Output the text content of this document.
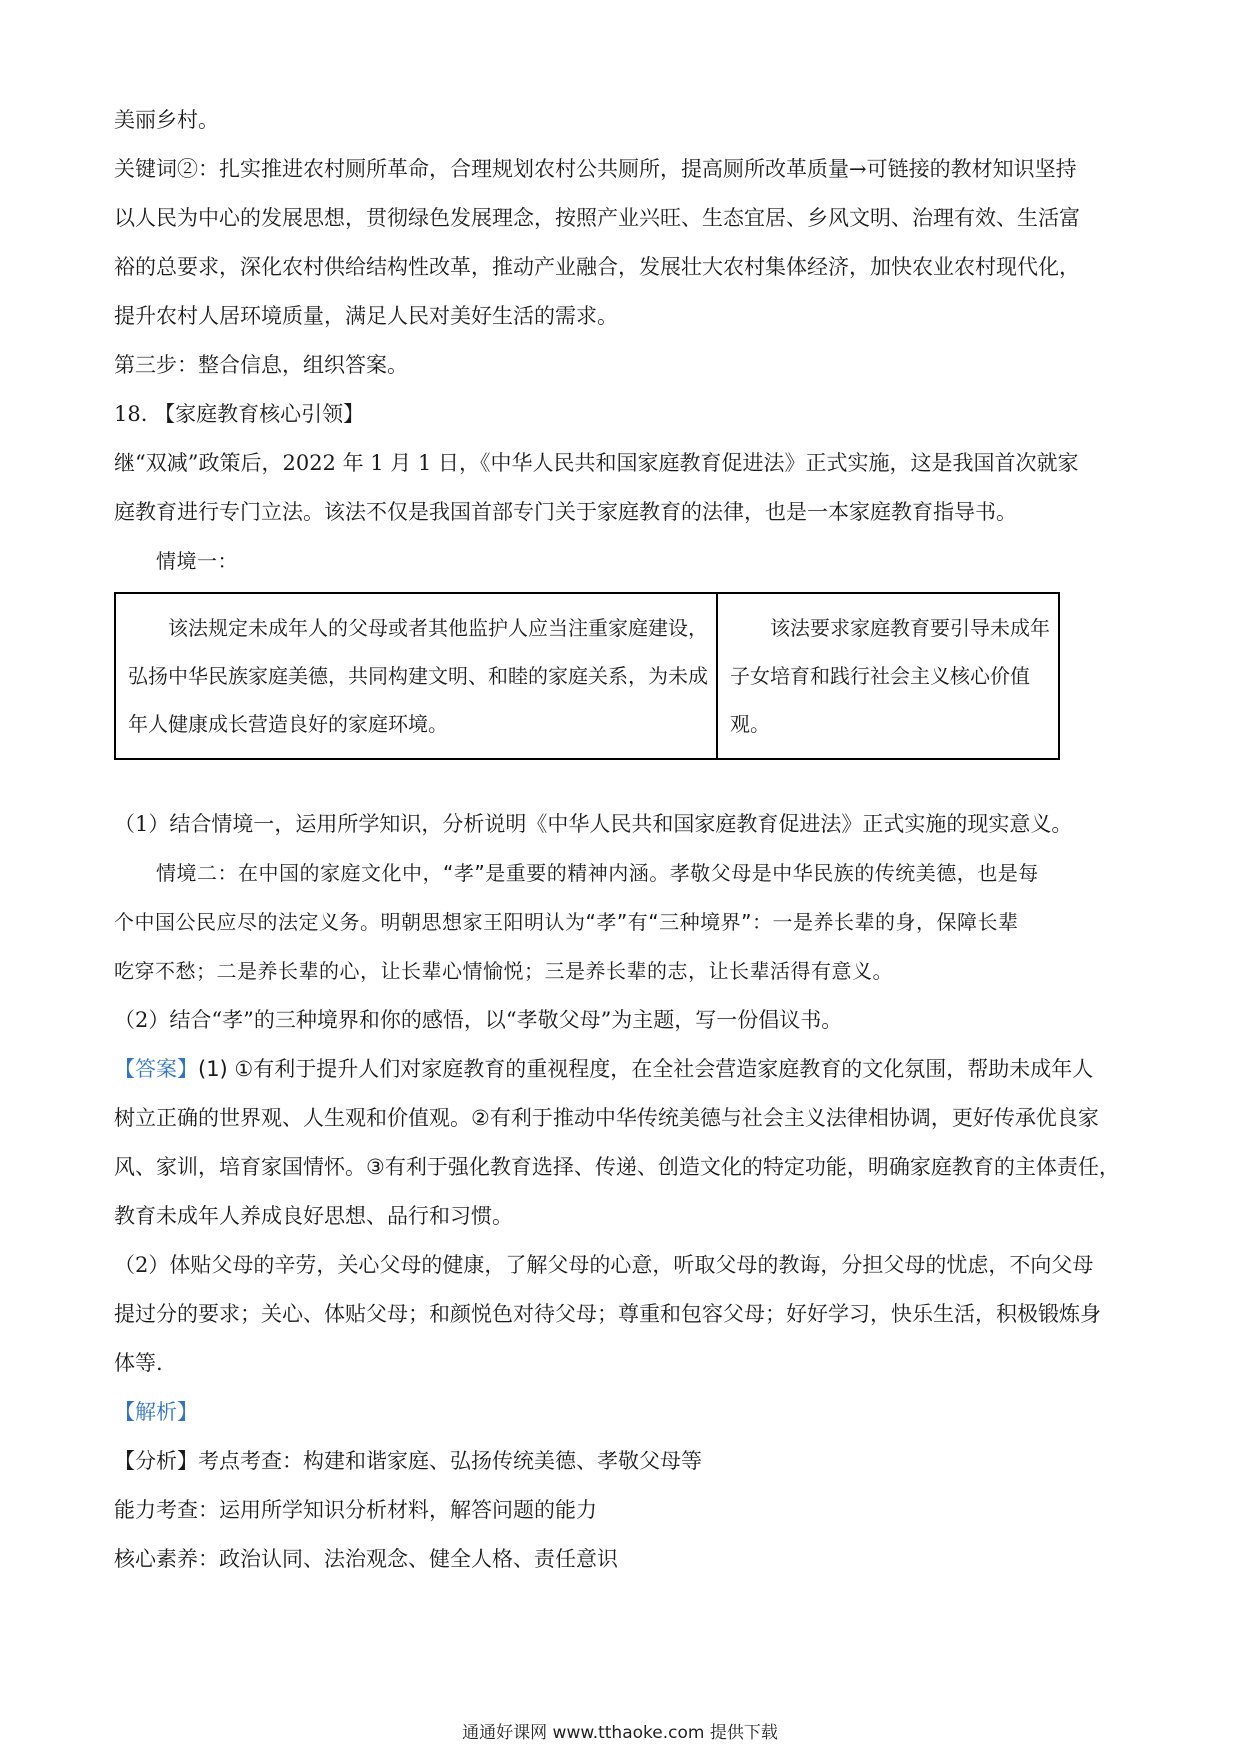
美丽乡村。

关键词②：扎实推进农村厕所革命，合理规划农村公共厕所，提高厕所改革质量→可链接的教材知识坚持

以人民为中心的发展思想，贯彻绿色发展理念，按照产业兴旺、生态宜居、乡风文明、治理有效、生活富

裕的总要求，深化农村供给结构性改革，推动产业融合，发展壮大农村集体经济，加快农业农村现代化，

提升农村人居环境质量，满足人民对美好生活的需求。

第三步：整合信息，组织答案。

18. 【家庭教育核心引领】

继“双减”政策后，2022 年 1 月 1 日，《中华人民共和国家庭教育促进法》正式实施，这是我国首次就家

庭教育进行专门立法。该法不仅是我国首部专门关于家庭教育的法律，也是一本家庭教育指导书。

情境一：

该法规定未成年人的父母或者其他监护人应当注重家庭建设，
弘扬中华民族家庭美德，共同构建文明、和睦的家庭关系，为未成
年人健康成长营造良好的家庭环境。

该法要求家庭教育要引导未成年
子女培育和践行社会主义核心价值
观。

（1）结合情境一，运用所学知识，分析说明《中华人民共和国家庭教育促进法》正式实施的现实意义。

情境二：在中国的家庭文化中，“孝”是重要的精神内涵。孝敬父母是中华民族的传统美德，也是每

个中国公民应尽的法定义务。明朝思想家王阳明认为“孝”有“三种境界”：一是养长辈的身，保障长辈

吃穿不愁；二是养长辈的心，让长辈心情愉悦；三是养长辈的志，让长辈活得有意义。

（2）结合“孝”的三种境界和你的感悟，以“孝敬父母”为主题，写一份倡议书。

【答案】(1) ①有利于提升人们对家庭教育的重视程度，在全社会营造家庭教育的文化氛围，帮助未成年人

树立正确的世界观、人生观和价值观。②有利于推动中华传统美德与社会主义法律相协调，更好传承优良家

风、家训，培育家国情怀。③有利于强化教育选择、传递、创造文化的特定功能，明确家庭教育的主体责任，

教育未成年人养成良好思想、品行和习惯。

（2）体贴父母的辛劳，关心父母的健康，了解父母的心意，听取父母的教诲，分担父母的忧虑，不向父母

提过分的要求；关心、体贴父母；和颜悦色对待父母；尊重和包容父母；好好学习，快乐生活，积极锻炼身

体等.

【解析】

【分析】考点考查：构建和谐家庭、弘扬传统美德、孝敬父母等

能力考查：运用所学知识分析材料，解答问题的能力

核心素养：政治认同、法治观念、健全人格、责任意识

通通好课网 www.tthaoke.com 提供下载
